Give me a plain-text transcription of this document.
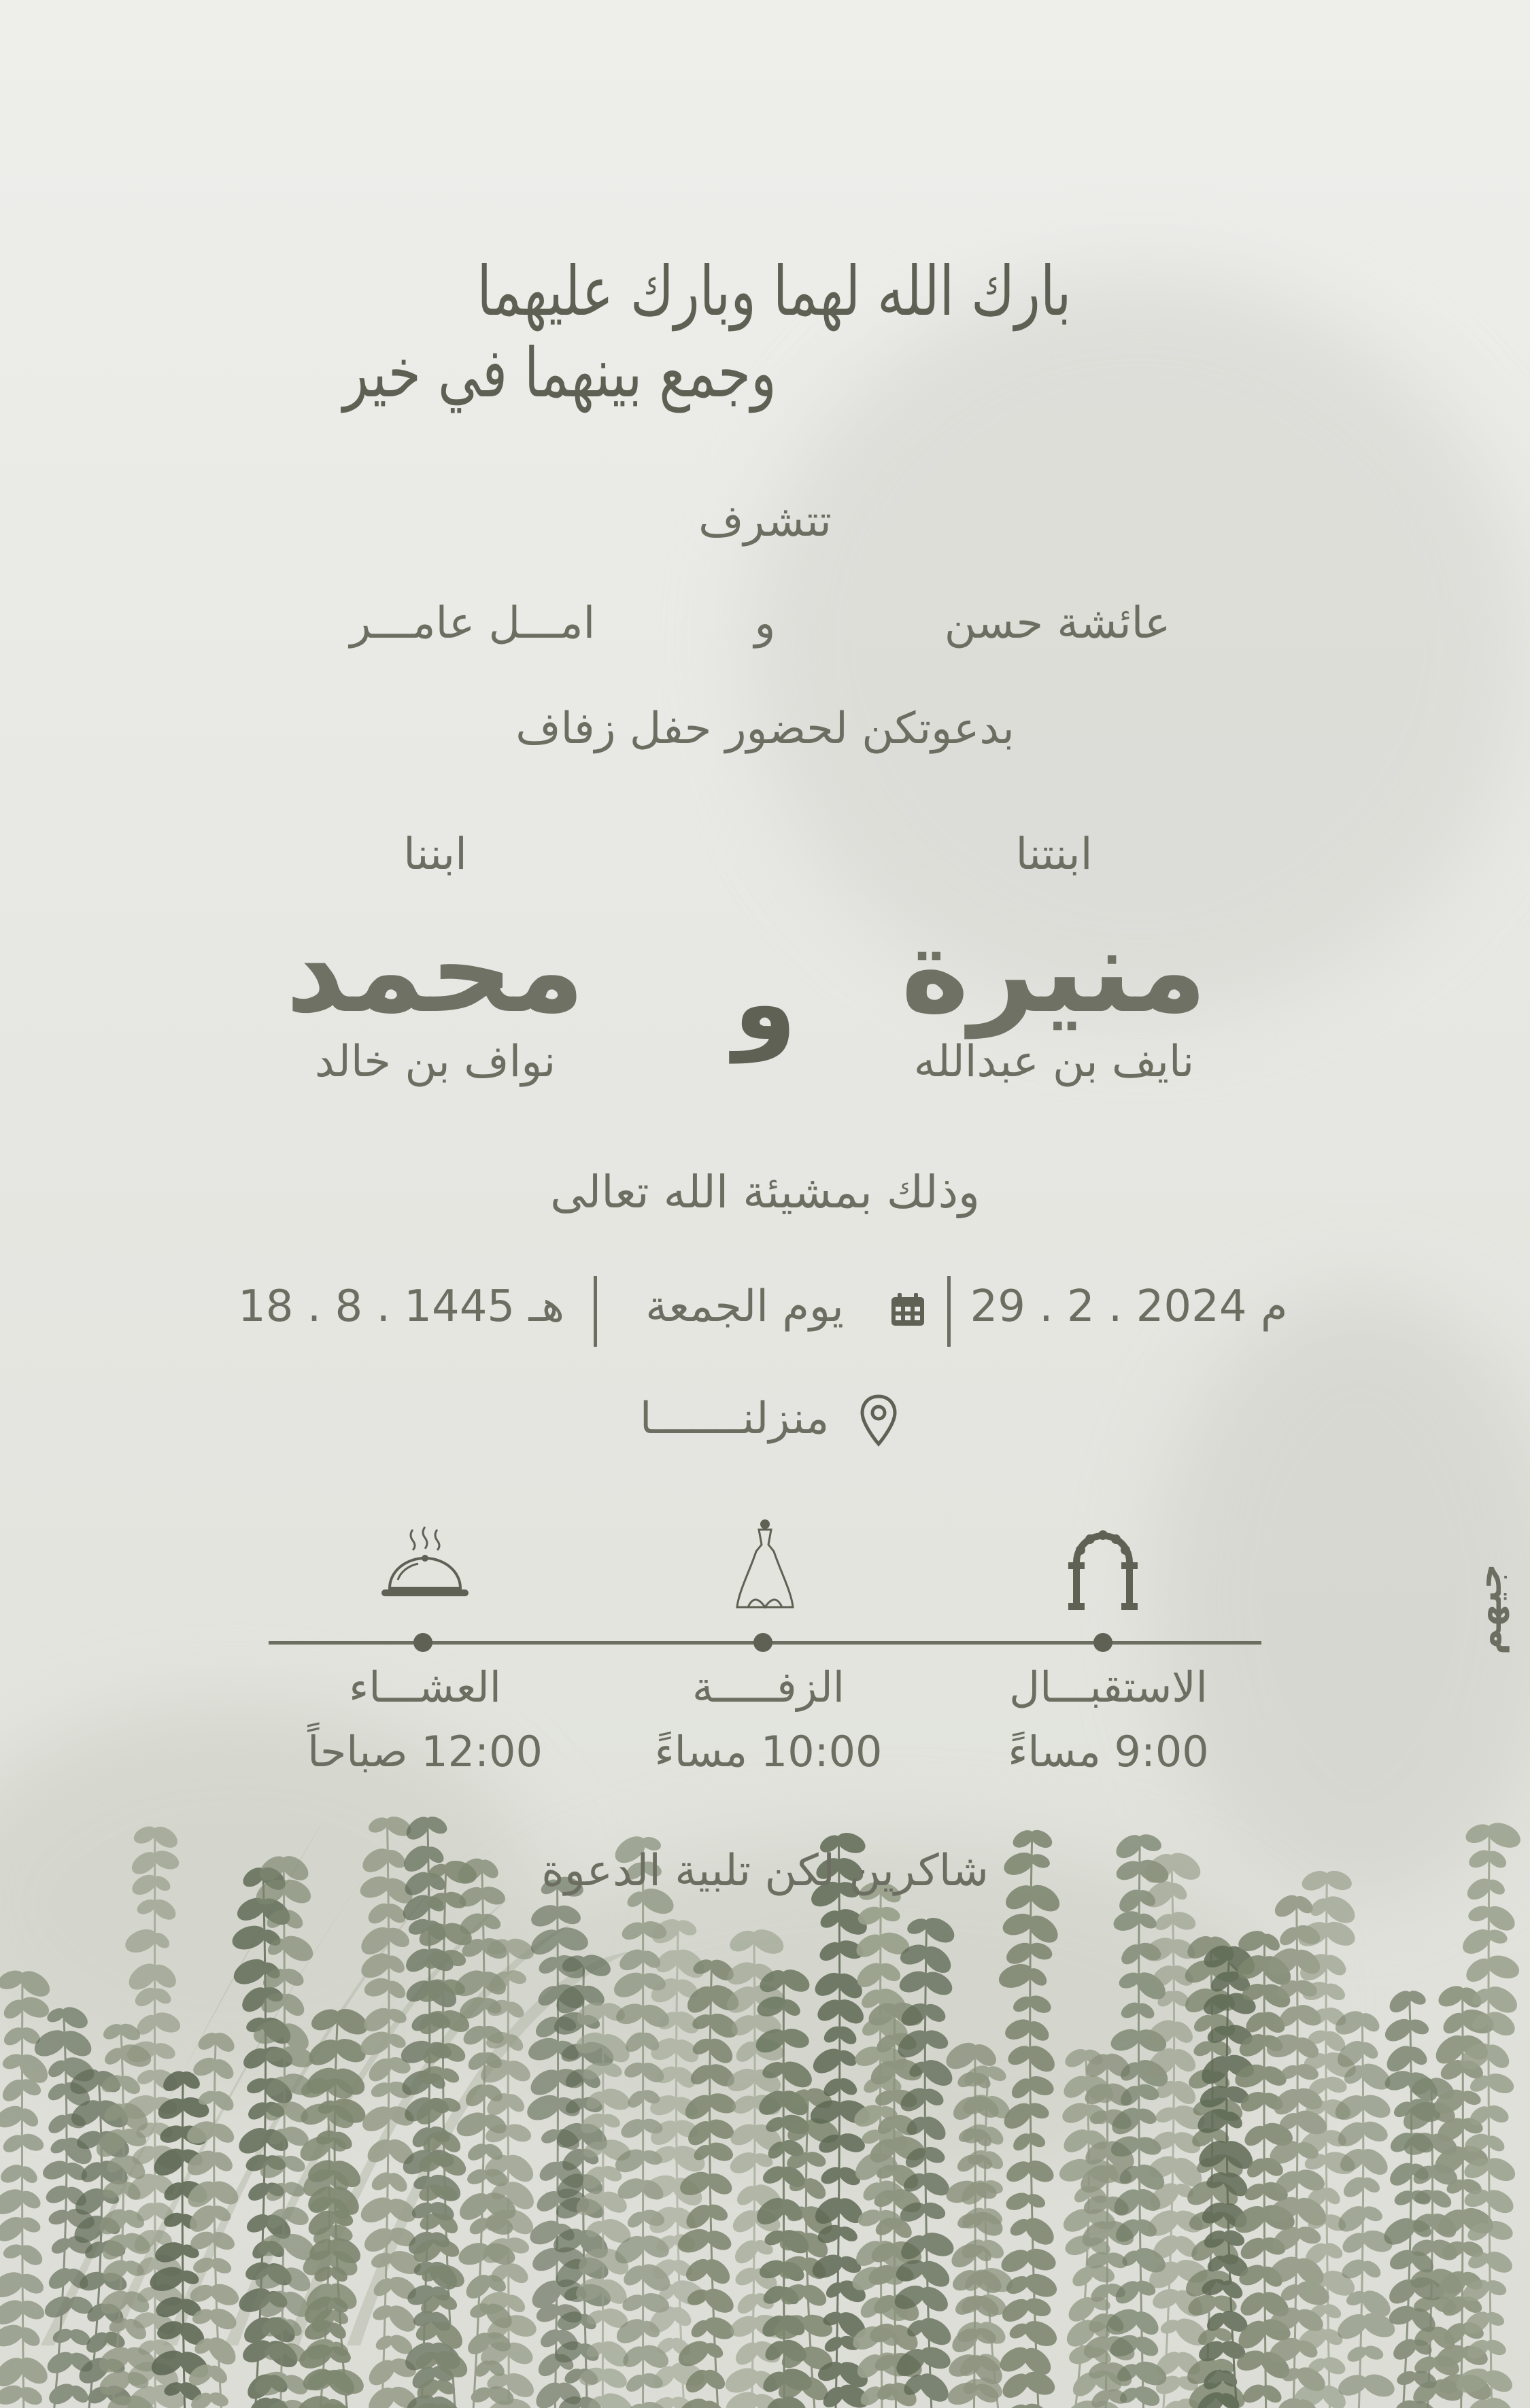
بارك الله لهما وبارك عليهما
وجمع بينهما في خير
تتشرف
عائشة حسن
و
امـــل عامـــر
بدعوتكن لحضور حفل زفاف
ابنتنا
ابننا
منيرة
و
محمد
نايف بن عبدالله
نواف بن خالد
وذلك بمشيئة الله تعالى
29 . 2 . 2024 م
يوم الجمعة
18 . 8 . 1445 هـ
منزلنـــــــا
الاستقبـــال
9:00 مساءً
الزفـــــة
10:00 مساءً
العشـــاء
12:00 صباحاً
جيهم
شاكرين لكن تلبية الدعوة
